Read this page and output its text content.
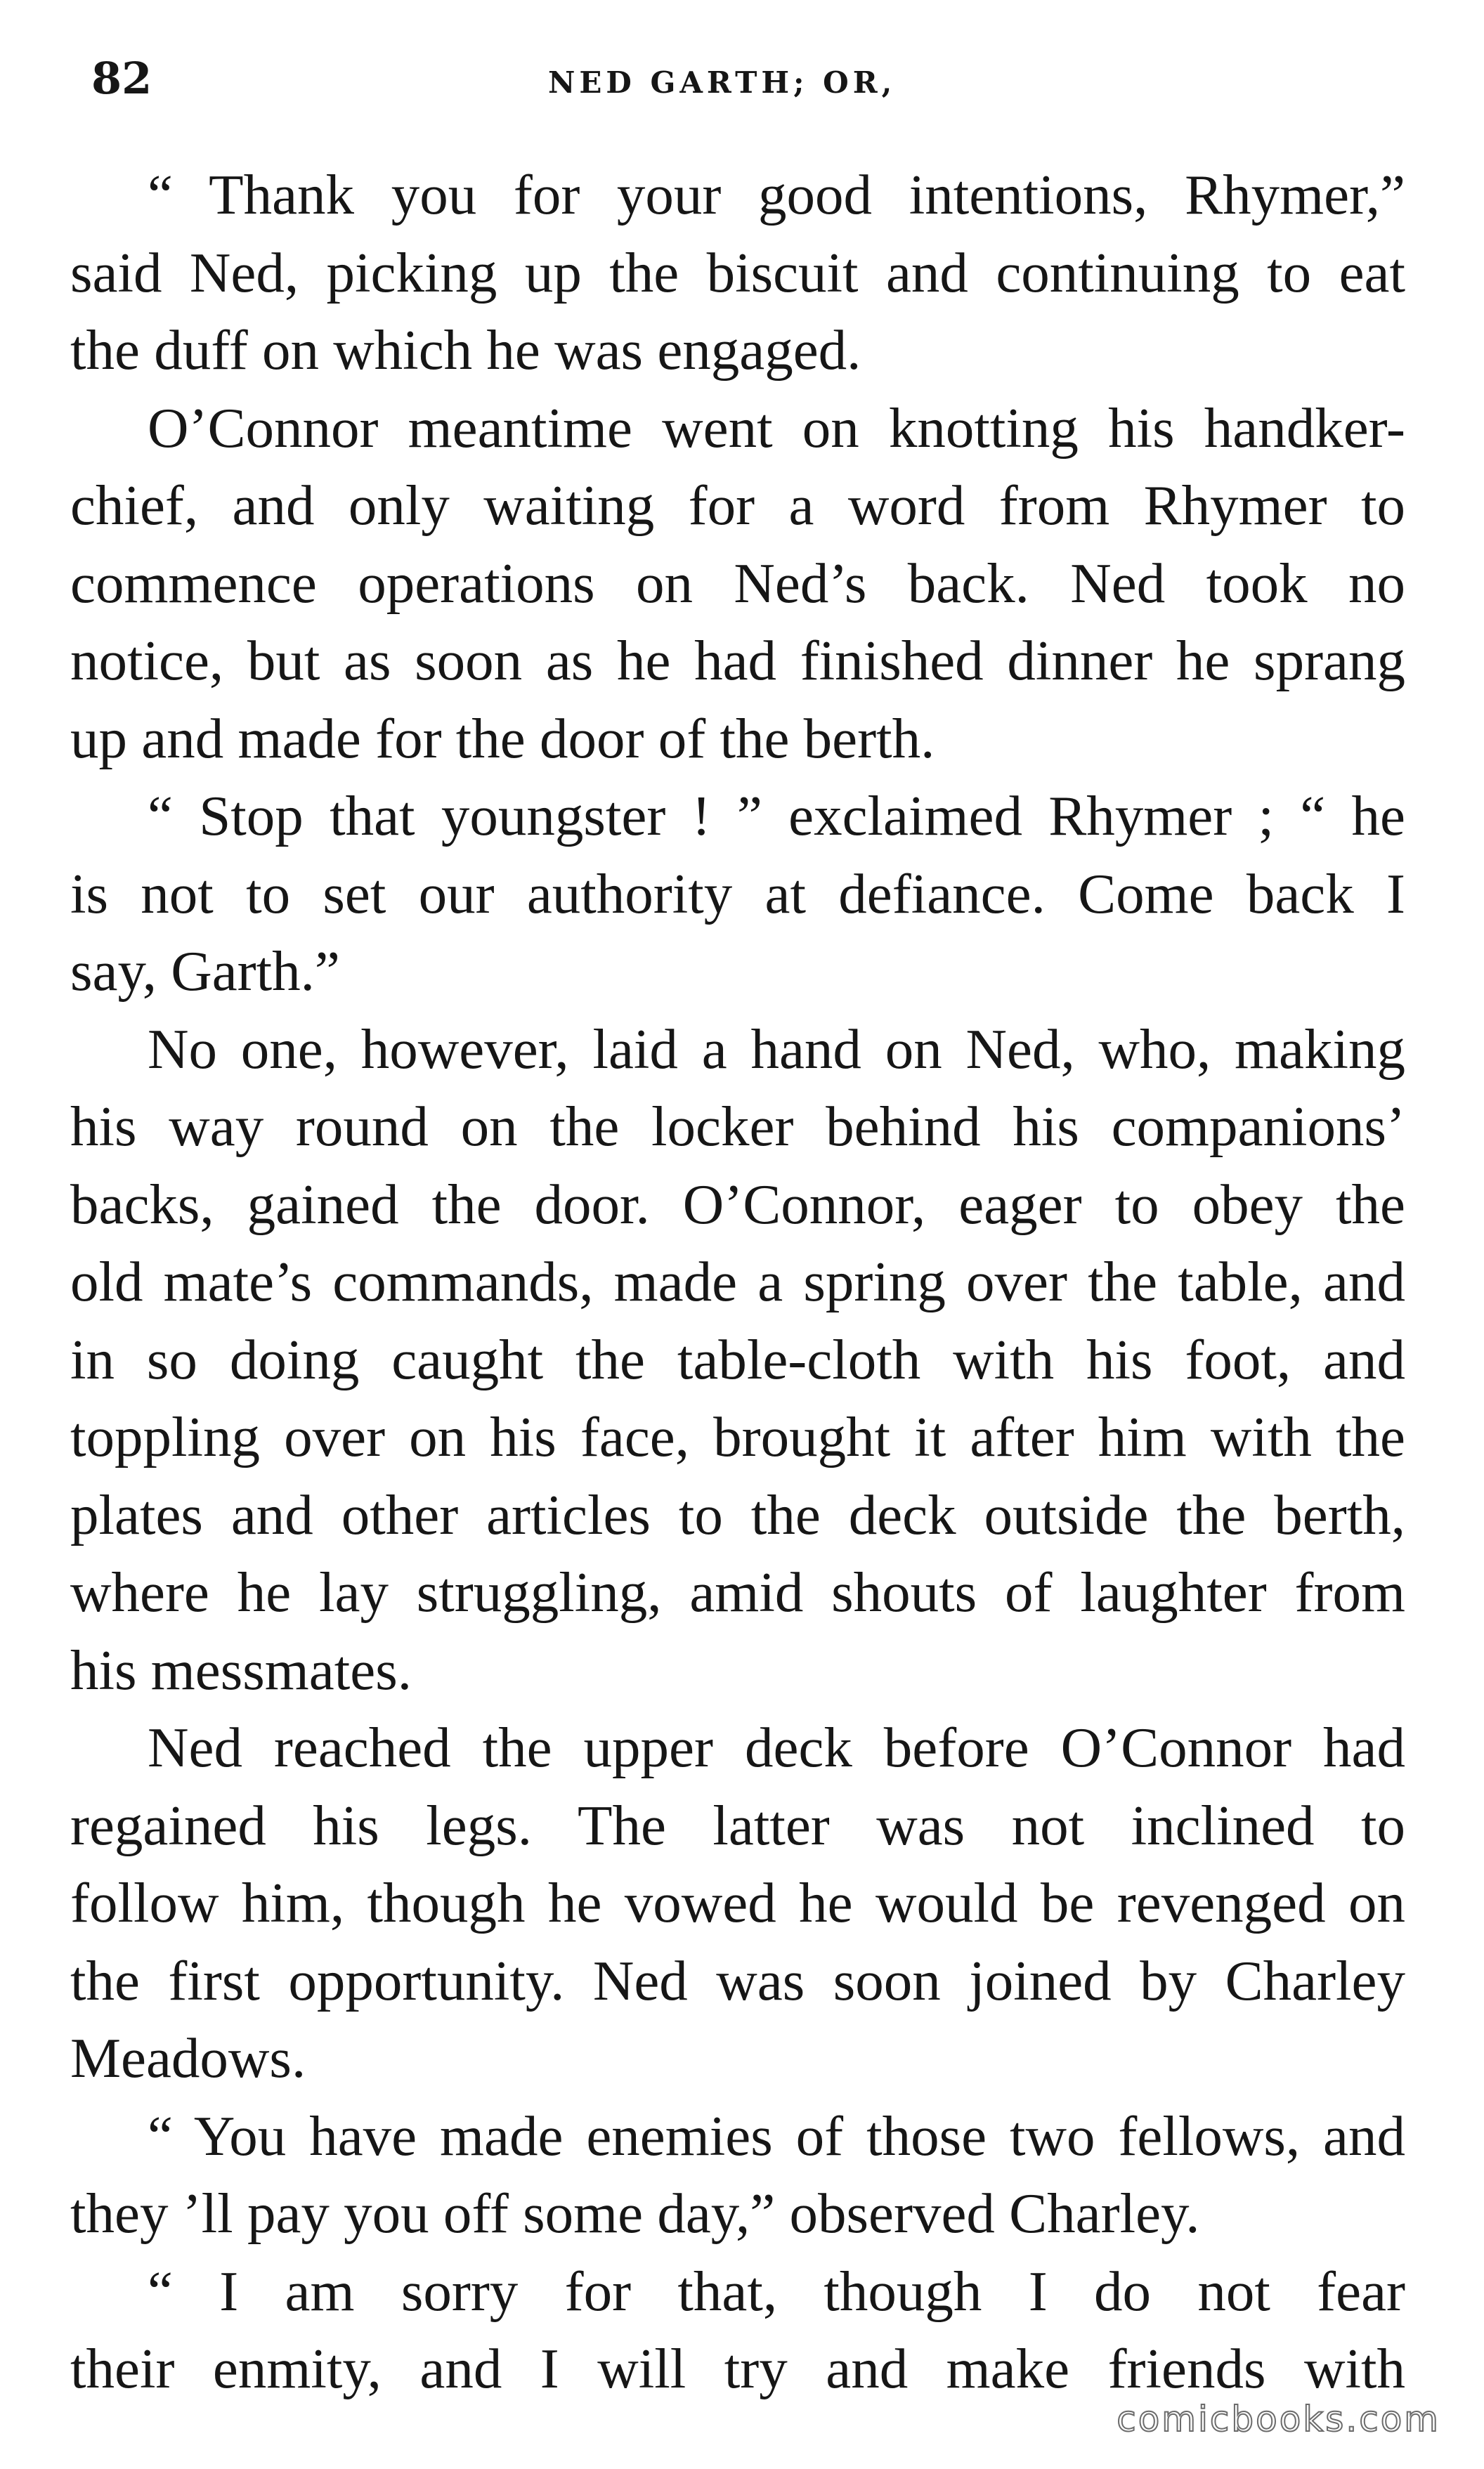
82	NED GARTH; OR,
“ Thank you for your good intentions, Rhymer,”
said Ned, picking up the biscuit and continuing to eat
the duff on which he was engaged.
O’Connor meantime went on knotting his handker-
chief, and only waiting for a word from Rhymer to
commence operations on Ned’s back. Ned took no
notice, but as soon as he had finished dinner he sprang
up and made for the door of the berth.
“ Stop that youngster ! ” exclaimed Rhymer ; “ he
is not to set our authority at defiance. Come back I
say, Garth.”
No one, however, laid a hand on Ned, who, making
his way round on the locker behind his companions’
backs, gained the door. O’Connor, eager to obey the
old mate’s commands, made a spring over the table, and
in so doing caught the table-cloth with his foot, and
toppling over on his face, brought it after him with the
plates and other articles to the deck outside the berth,
where he lay struggling, amid shouts of laughter from
his messmates.
Ned reached the upper deck before O’Connor had
regained his legs. The latter was not inclined to
follow him, though he vowed he would be revenged on
the first opportunity. Ned was soon joined by Charley
Meadows.
“ You have made enemies of those two fellows, and
they ’ll pay you off some day,” observed Charley.
“ I am sorry for that, though I do not fear
their enmity, and I will try and make friends with
comicbooks.com
